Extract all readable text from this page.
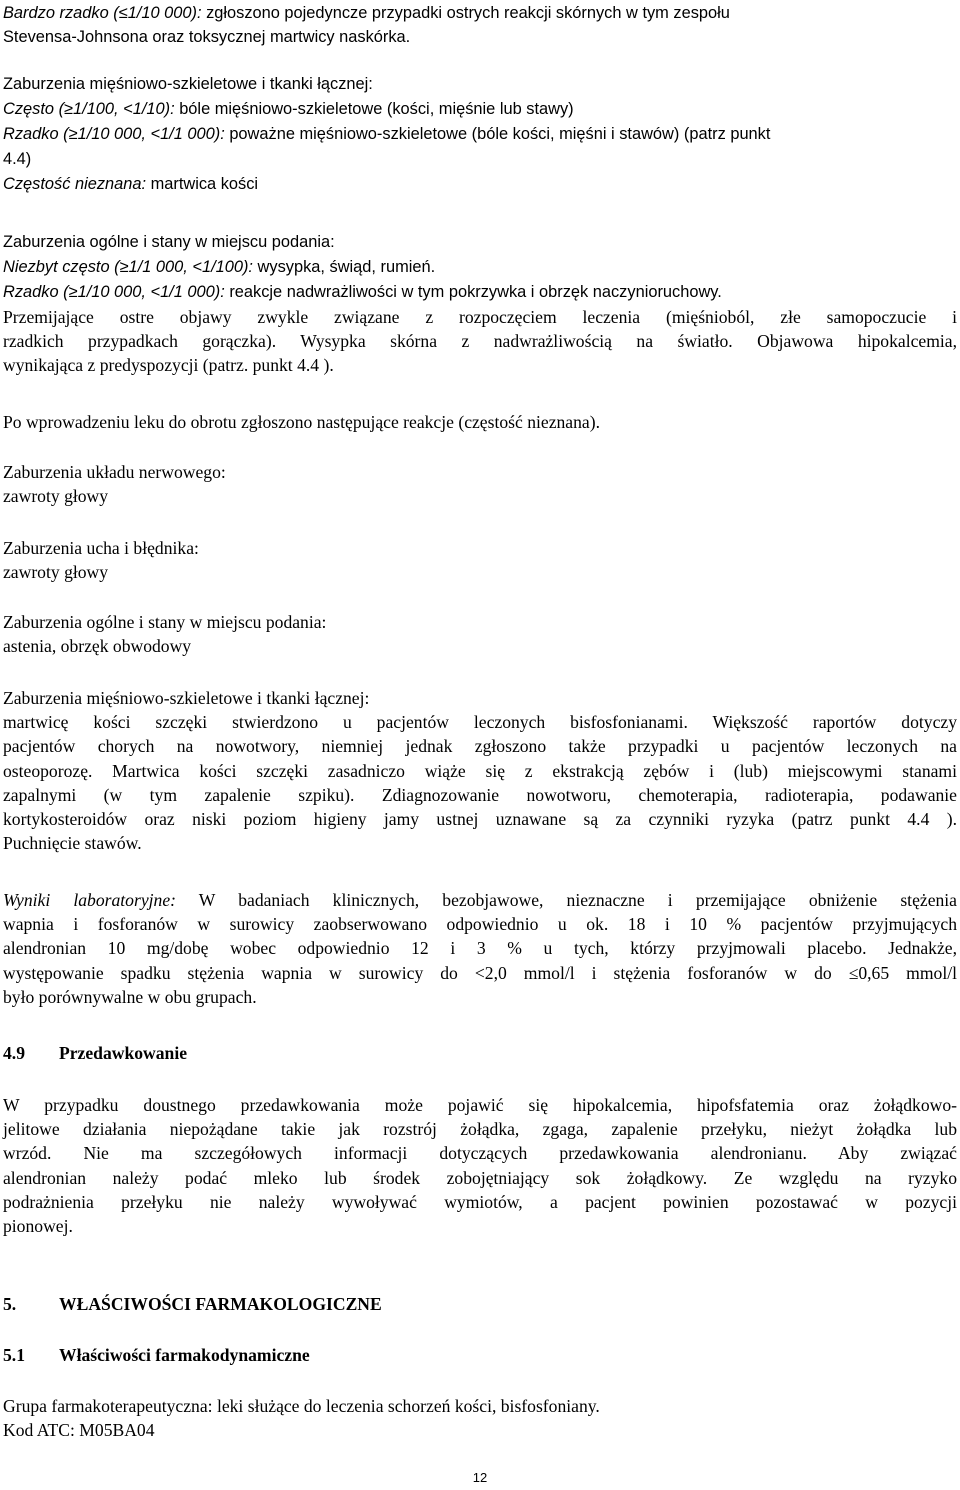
Bardzo rzadko (≤1/10 000): zgłoszono pojedyncze przypadki ostrych reakcji skórnych w tym zespołu

Stevensa-Johnsona oraz toksycznej martwicy naskórka.

Zaburzenia mięśniowo-szkieletowe i tkanki łącznej:

Często (≥1/100, <1/10): bóle mięśniowo-szkieletowe (kości, mięśnie lub stawy)

Rzadko (≥1/10 000, <1/1 000): poważne mięśniowo-szkieletowe (bóle kości, mięśni i stawów) (patrz punkt

4.4)

Częstość nieznana: martwica kości

Zaburzenia ogólne i stany w miejscu podania:

Niezbyt często (≥1/1 000, <1/100): wysypka, świąd, rumień.

Rzadko (≥1/10 000, <1/1 000): reakcje nadwrażliwości w tym pokrzywka i obrzęk naczynioruchowy.

Przemijające ostre objawy zwykle związane z rozpoczęciem leczenia (mięśnioból, złe samopoczucie i

rzadkich przypadkach gorączka). Wysypka skórna z nadwrażliwością na światło. Objawowa hipokalcemia,

wynikająca z predyspozycji (patrz. punkt 4.4 ).

Po wprowadzeniu leku do obrotu zgłoszono następujące reakcje (częstość nieznana).

Zaburzenia układu nerwowego:

zawroty głowy

Zaburzenia ucha i błędnika:

zawroty głowy

Zaburzenia ogólne i stany w miejscu podania:

astenia, obrzęk obwodowy

Zaburzenia mięśniowo-szkieletowe i tkanki łącznej:

martwicę kości szczęki stwierdzono u pacjentów leczonych bisfosfonianami. Większość raportów dotyczy

pacjentów chorych na nowotwory, niemniej jednak zgłoszono także przypadki u pacjentów leczonych na

osteoporozę. Martwica kości szczęki zasadniczo wiąże się z ekstrakcją zębów i (lub) miejscowymi stanami

zapalnymi (w tym zapalenie szpiku). Zdiagnozowanie nowotworu, chemoterapia, radioterapia, podawanie

kortykosteroidów oraz niski poziom higieny jamy ustnej uznawane są za czynniki ryzyka (patrz punkt 4.4 ).

Puchnięcie stawów.

Wyniki laboratoryjne: W badaniach klinicznych, bezobjawowe, nieznaczne i przemijające obniżenie stężenia

wapnia i fosforanów w surowicy zaobserwowano odpowiednio u ok. 18 i 10 % pacjentów przyjmujących

alendronian 10 mg/dobę wobec odpowiednio 12 i 3 % u tych, którzy przyjmowali placebo. Jednakże,

występowanie spadku stężenia wapnia w surowicy do <2,0 mmol/l i stężenia fosforanów w do ≤0,65 mmol/l

było porównywalne w obu grupach.

4.9	Przedawkowanie

W przypadku doustnego przedawkowania może pojawić się hipokalcemia, hipofsfatemia oraz żołądkowo-

jelitowe działania niepożądane takie jak rozstrój żołądka, zgaga, zapalenie przełyku, nieżyt żołądka lub

wrzód. Nie ma szczegółowych informacji dotyczących przedawkowania alendronianu. Aby związać

alendronian należy podać mleko lub środek zobojętniający sok żołądkowy. Ze względu na ryzyko

podrażnienia przełyku nie należy wywoływać wymiotów, a pacjent powinien pozostawać w pozycji

pionowej.

5.	WŁAŚCIWOŚCI FARMAKOLOGICZNE

5.1	Właściwości farmakodynamiczne

Grupa farmakoterapeutyczna: leki służące do leczenia schorzeń kości, bisfosfoniany.

Kod ATC: M05BA04

12
